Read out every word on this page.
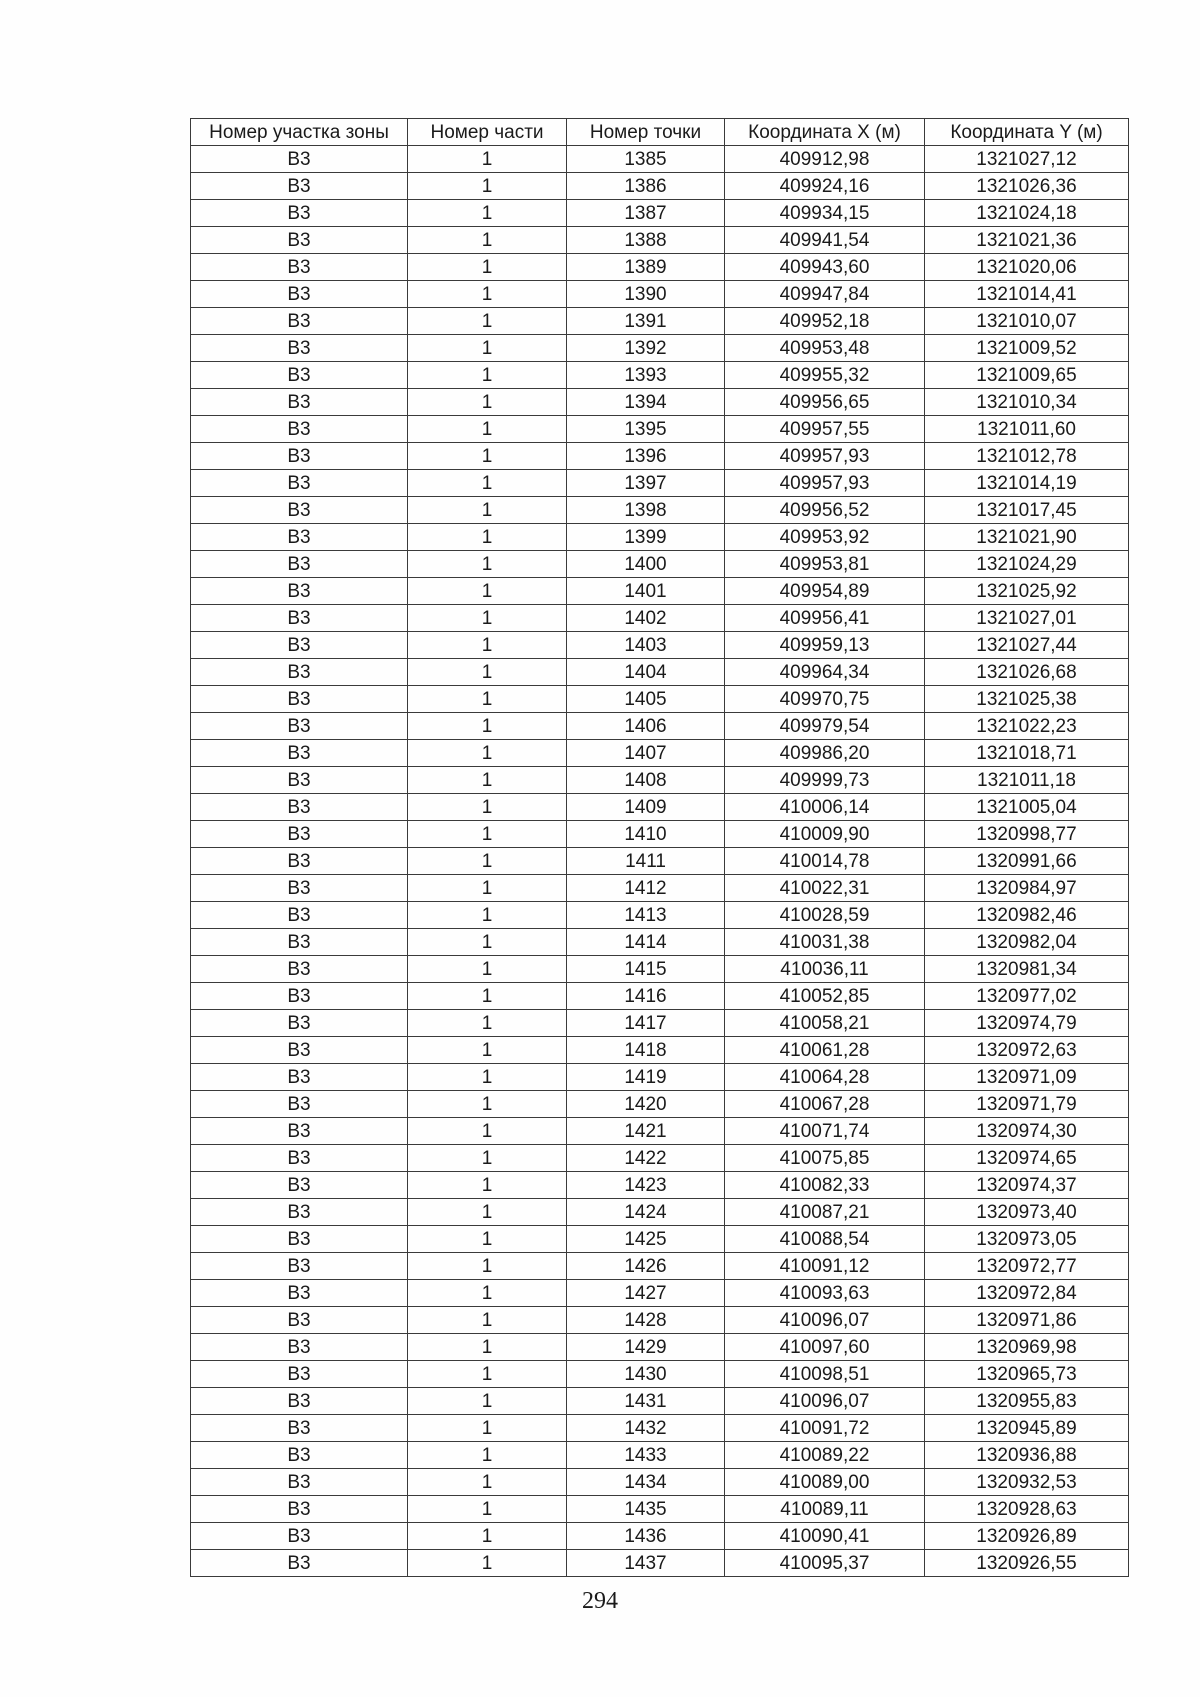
Номер участка зоны	Номер части	Номер точки	Координата X (м)	Координата Y (м)
В3	1	1385	409912,98	1321027,12
В3	1	1386	409924,16	1321026,36
В3	1	1387	409934,15	1321024,18
В3	1	1388	409941,54	1321021,36
В3	1	1389	409943,60	1321020,06
В3	1	1390	409947,84	1321014,41
В3	1	1391	409952,18	1321010,07
В3	1	1392	409953,48	1321009,52
В3	1	1393	409955,32	1321009,65
В3	1	1394	409956,65	1321010,34
В3	1	1395	409957,55	1321011,60
В3	1	1396	409957,93	1321012,78
В3	1	1397	409957,93	1321014,19
В3	1	1398	409956,52	1321017,45
В3	1	1399	409953,92	1321021,90
В3	1	1400	409953,81	1321024,29
В3	1	1401	409954,89	1321025,92
В3	1	1402	409956,41	1321027,01
В3	1	1403	409959,13	1321027,44
В3	1	1404	409964,34	1321026,68
В3	1	1405	409970,75	1321025,38
В3	1	1406	409979,54	1321022,23
В3	1	1407	409986,20	1321018,71
В3	1	1408	409999,73	1321011,18
В3	1	1409	410006,14	1321005,04
В3	1	1410	410009,90	1320998,77
В3	1	1411	410014,78	1320991,66
В3	1	1412	410022,31	1320984,97
В3	1	1413	410028,59	1320982,46
В3	1	1414	410031,38	1320982,04
В3	1	1415	410036,11	1320981,34
В3	1	1416	410052,85	1320977,02
В3	1	1417	410058,21	1320974,79
В3	1	1418	410061,28	1320972,63
В3	1	1419	410064,28	1320971,09
В3	1	1420	410067,28	1320971,79
В3	1	1421	410071,74	1320974,30
В3	1	1422	410075,85	1320974,65
В3	1	1423	410082,33	1320974,37
В3	1	1424	410087,21	1320973,40
В3	1	1425	410088,54	1320973,05
В3	1	1426	410091,12	1320972,77
В3	1	1427	410093,63	1320972,84
В3	1	1428	410096,07	1320971,86
В3	1	1429	410097,60	1320969,98
В3	1	1430	410098,51	1320965,73
В3	1	1431	410096,07	1320955,83
В3	1	1432	410091,72	1320945,89
В3	1	1433	410089,22	1320936,88
В3	1	1434	410089,00	1320932,53
В3	1	1435	410089,11	1320928,63
В3	1	1436	410090,41	1320926,89
В3	1	1437	410095,37	1320926,55
294
